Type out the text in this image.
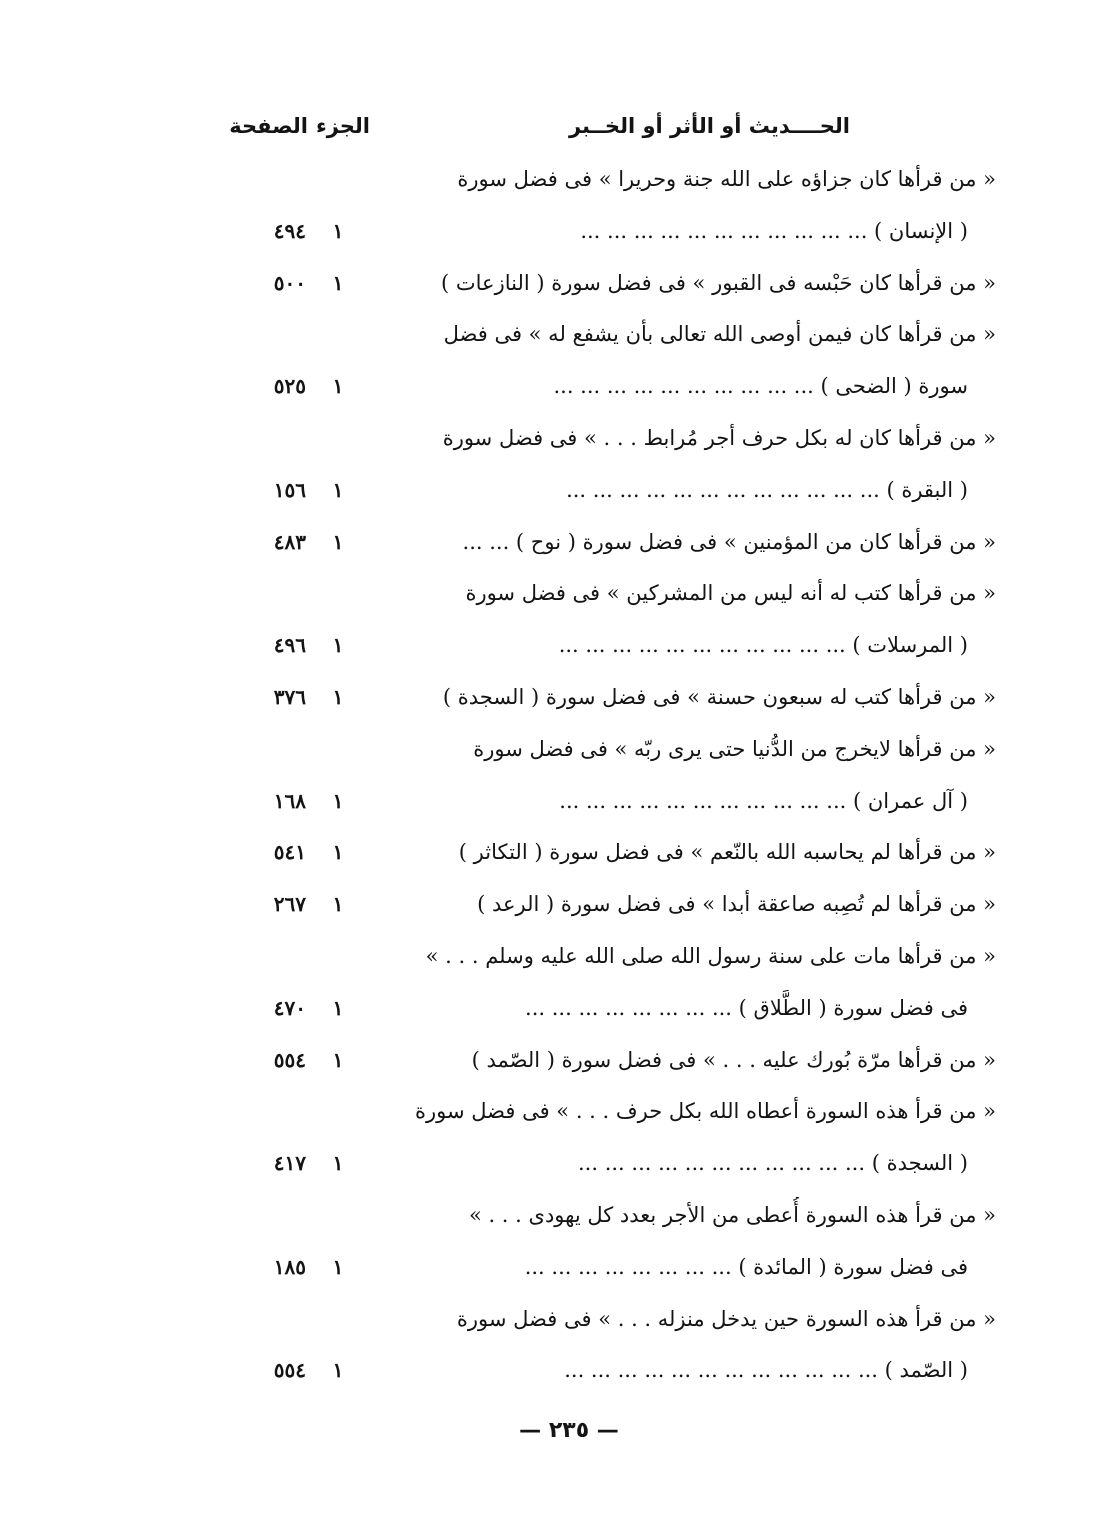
الحــــديث أو الأثر أو الخــبر
الجزء
الصفحة
« من قرأها كان جزاؤه على الله جنة وحريرا » فى فضل سورة
( الإنسان ) ... ... ... ... ... ... ... ... ... ... ...
١
٤٩٤
« من قرأها كان حَبْسه فى القبور » فى فضل سورة ( النازعات )
١
٥٠٠
« من قرأها كان فيمن أوصى الله تعالى بأن يشفع له » فى فضل
سورة ( الضحى ) ... ... ... ... ... ... ... ... ... ...
١
٥٢٥
« من قرأها كان له بكل حرف أجر مُرابط . . . » فى فضل سورة
( البقرة ) ... ... ... ... ... ... ... ... ... ... ... ...
١
١٥٦
« من قرأها كان من المؤمنين » فى فضل سورة ( نوح ) ... ...
١
٤٨٣
« من قرأها كتب له أنه ليس من المشركين » فى فضل سورة
( المرسلات ) ... ... ... ... ... ... ... ... ... ... ...
١
٤٩٦
« من قرأها كتب له سبعون حسنة » فى فضل سورة ( السجدة )
١
٣٧٦
« من قرأها لايخرج من الدُّنيا حتى يرى ربّه » فى فضل سورة
( آل عمران ) ... ... ... ... ... ... ... ... ... ... ...
١
١٦٨
« من قرأها لم يحاسبه الله بالنّعم » فى فضل سورة ( التكاثر )
١
٥٤١
« من قرأها لم تُصِبه صاعقة أبدا » فى فضل سورة ( الرعد )
١
٢٦٧
« من قرأها مات على سنة رسول الله صلى الله عليه وسلم . . . »
فى فضل سورة ( الطَّلاق ) ... ... ... ... ... ... ... ...
١
٤٧٠
« من قرأها مرّة بُورك عليه . . . » فى فضل سورة ( الصّمد )
١
٥٥٤
« من قرأ هذه السورة أعطاه الله بكل حرف . . . » فى فضل سورة
( السجدة ) ... ... ... ... ... ... ... ... ... ... ...
١
٤١٧
« من قرأ هذه السورة أُعطى من الأجر بعدد كل يهودى . . . »
فى فضل سورة ( المائدة ) ... ... ... ... ... ... ... ...
١
١٨٥
« من قرأ هذه السورة حين يدخل منزله . . . » فى فضل سورة
( الصّمد ) ... ... ... ... ... ... ... ... ... ... ... ...
١
٥٥٤
— ٢٣٥ —
